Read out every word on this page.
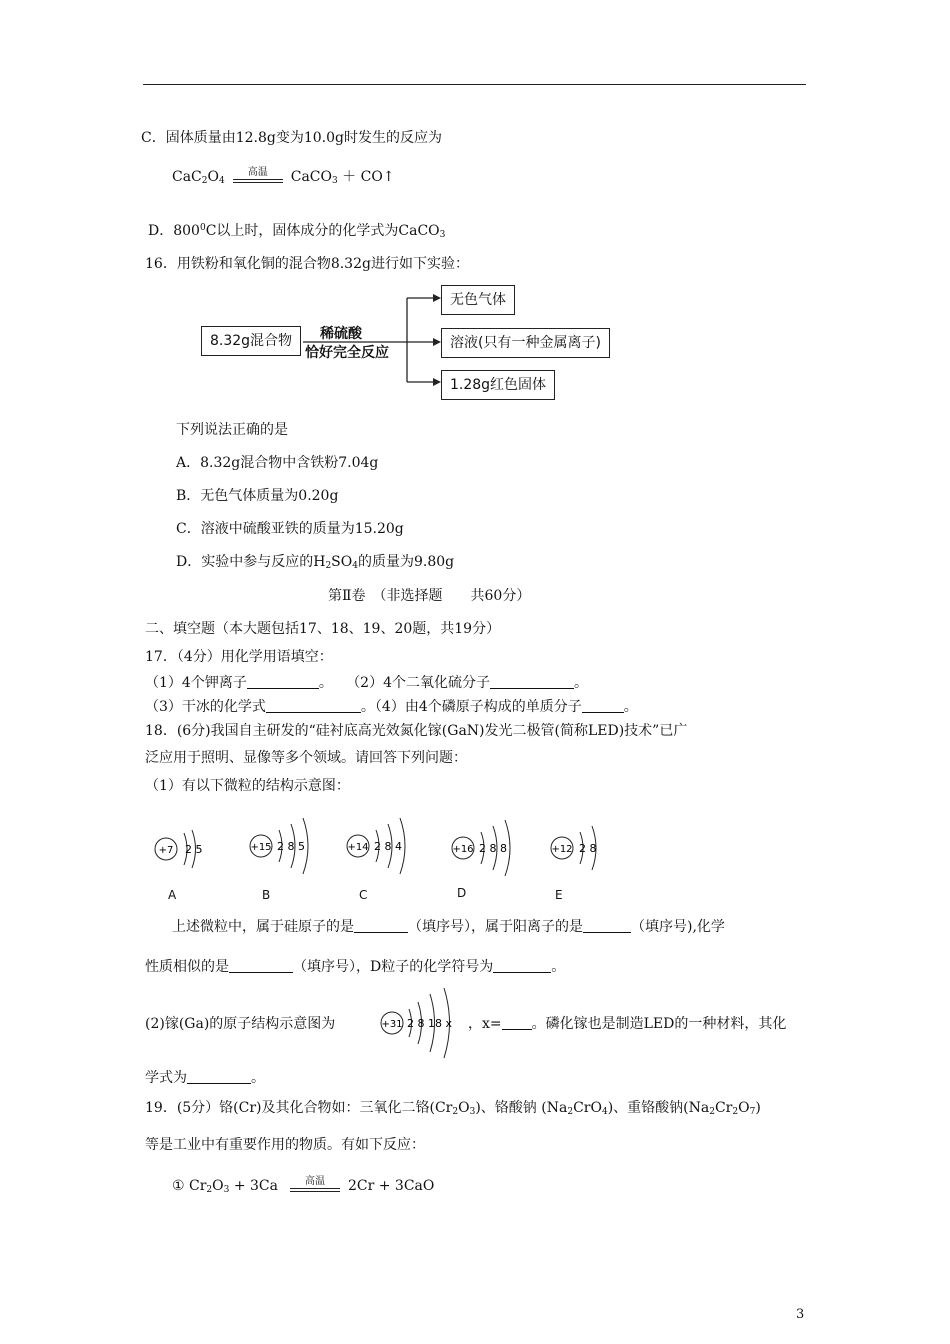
C．固体质量由12.8g变为10.0g时发生的反应为
$CaC_2O_4$
高温	CaCO$_3$ ＋ CO↑
D．$800^0C$以上时，固体成分的化学式为CaCO$_3$
16．用铁粉和氧化铜的混合物8.32g进行如下实验：
8.32g混合物	稀硫酸
恰好完全反应
无色气体
溶液(只有一种金属离子)
1.28g红色固体
下列说法正确的是
A．8.32g混合物中含铁粉7.04g
B．无色气体质量为0.20g
C．溶液中硫酸亚铁的质量为15.20g
D．实验中参与反应的$H_2SO_4$的质量为9.80g
第Ⅱ卷　（非选择题　　共60分）
二、填空题（本大题包括17、18、19、20题，共19分）
17．（4分）用化学用语填空：
（1）4个钾离子	。 （2）4个二氧化硫分子	。
（3）干冰的化学式	。（4）由4个磷原子构成的单质分子	。
18．(6分)我国自主研发的“硅衬底高光效氮化镓(GaN)发光二极管(简称LED)技术”已广
泛应用于照明、显像等多个领域。请回答下列问题：
（1）有以下微粒的结构示意图：
+7 2 5	+15 2 8 5	+14 2 8 4	+16 2 8 8	+12 2 8
A	B	C	D	E
上述微粒中，属于硅原子的是	（填序号），属于阳离子的是	（填序号),化学
性质相似的是	（填序号），D粒子的化学符号为	。
(2)镓(Ga)的原子结构示意图为	+31 2 8 18 x ，x= 。磷化镓也是制造LED的一种材料，其化
学式为	。
19．(5分）铬(Cr)及其化合物如：三氧化二铬$(Cr_2O_3)$、铬酸钠 $(Na_2CrO_4)$、重铬酸钠$(Na_2Cr_2O_7)$
等是工业中有重要作用的物质。有如下反应：
① $Cr_2O_3 + 3Ca$	高温	2Cr + 3CaO
3
